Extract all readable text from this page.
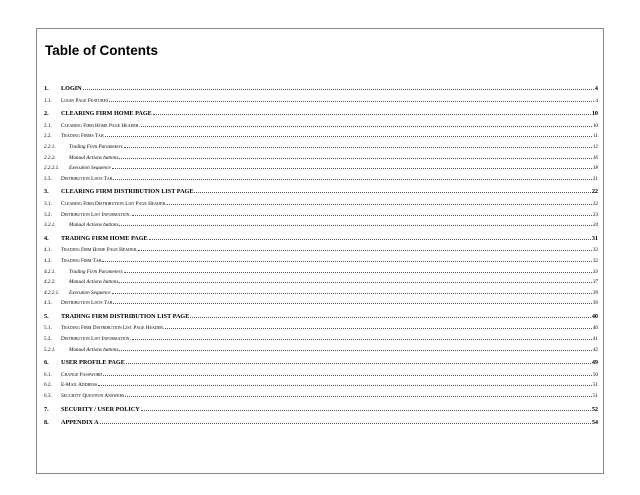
Table of Contents
1.	LOGIN	4
1.1.	Login Page Features	4
2.	CLEARING FIRM HOME PAGE	10
2.1.	Clearing Firm Home Page Header.	10
2.2.	Trading Firms Tab	11
2.2.1.	Trading Firm Parameters	12
2.2.2.	Manual Actions buttons	16
2.2.2.1.	Execution Sequence	18
2.3.	Distribution Lists Tab	21
3.	CLEARING FIRM DISTRIBUTION LIST PAGE	22
3.1.	Clearing Firm Distribution List Page Header.	22
3.2.	Distribution List Information.	23
3.2.1.	Manual Actions buttons	24
4.	TRADING FIRM HOME PAGE	31
4.1.	Trading Firm Home Page Header.	32
4.2.	Trading Firm Tab	32
4.2.1.	Trading Firm Parameters	33
4.2.2.	Manual Actions buttons	37
4.2.2.1.	Execution Sequence	39
4.3.	Distribution Lists Tab	39
5.	TRADING FIRM DISTRIBUTION LIST PAGE	40
5.1.	Trading Firm Distribution List Page Header.	40
5.2.	Distribution List Information.	41
5.2.1.	Manual Actions buttons	42
6.	USER PROFILE PAGE	49
6.1.	Change Password	50
6.2.	E-Mail Address	51
6.3.	Security Question Answers	51
7.	SECURITY / USER POLICY	52
8.	APPENDIX A	54
